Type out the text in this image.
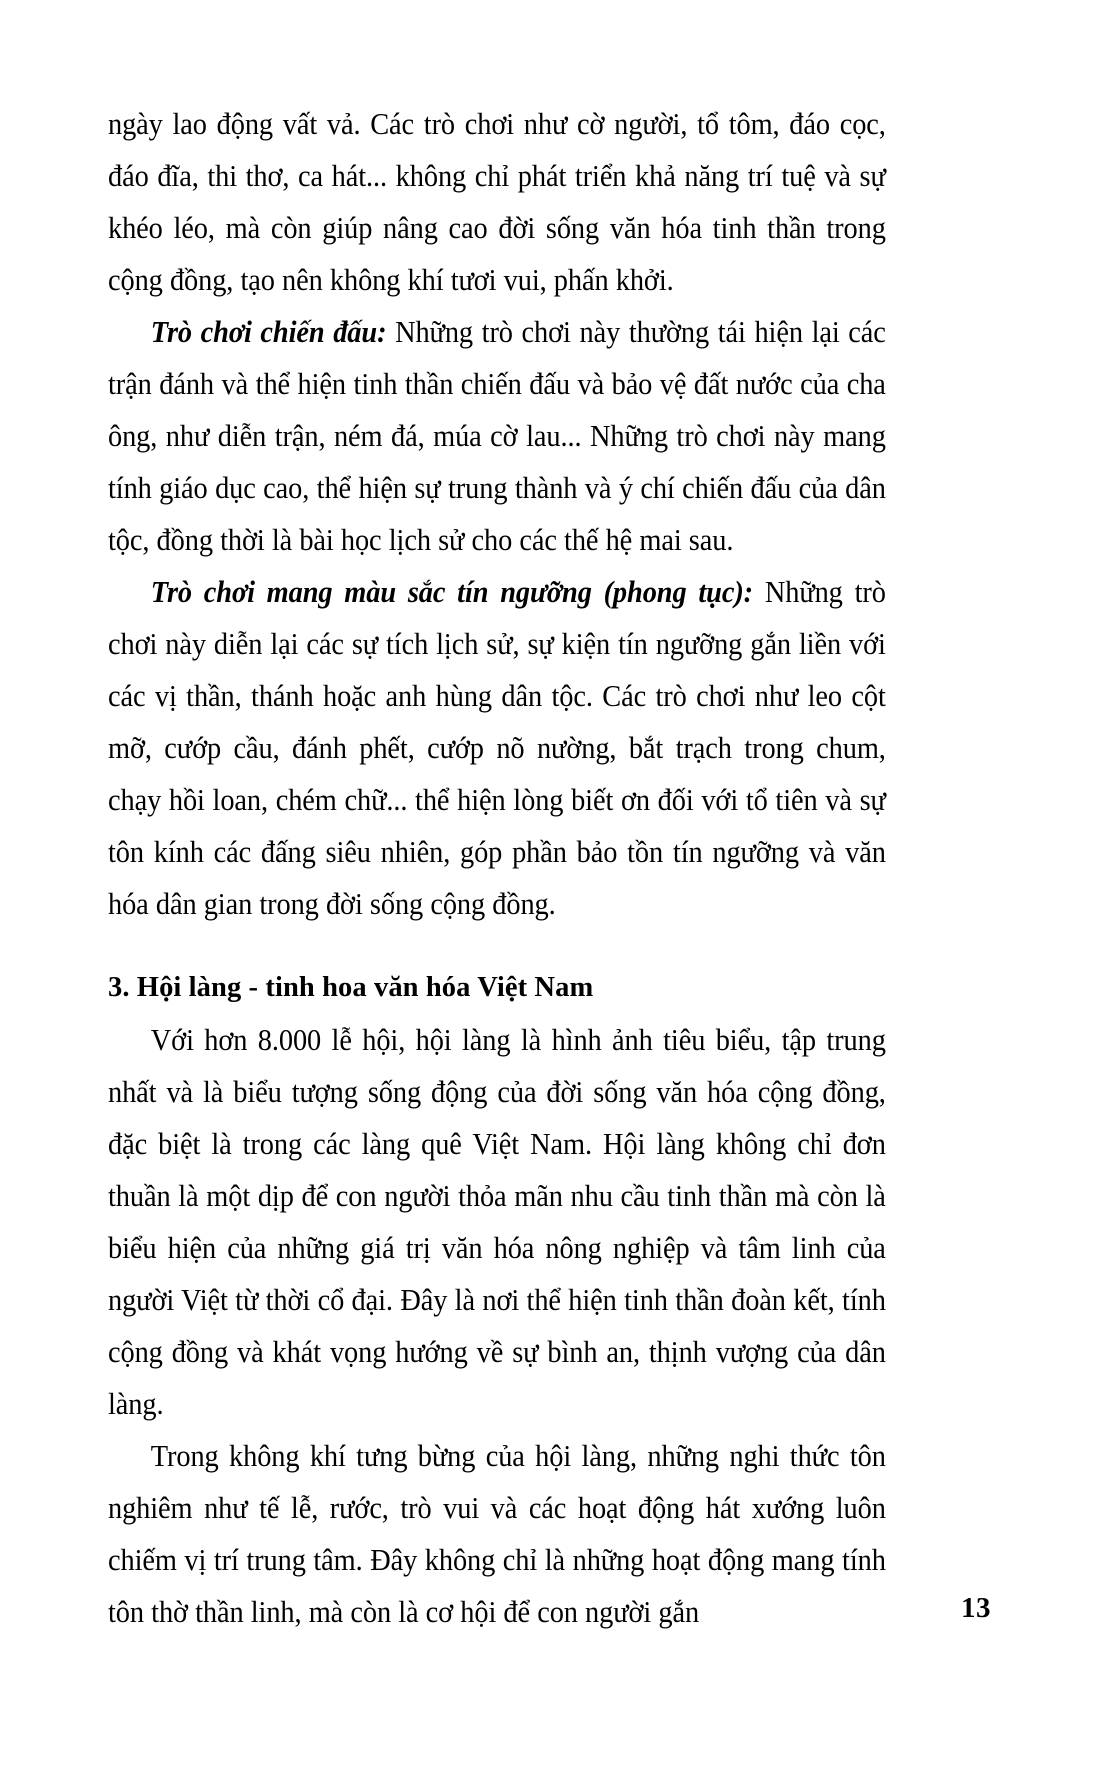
ngày lao động vất vả. Các trò chơi như cờ người, tổ tôm, đáo cọc, đáo đĩa, thi thơ, ca hát... không chỉ phát triển khả năng trí tuệ và sự khéo léo, mà còn giúp nâng cao đời sống văn hóa tinh thần trong cộng đồng, tạo nên không khí tươi vui, phấn khởi.

Trò chơi chiến đấu: Những trò chơi này thường tái hiện lại các trận đánh và thể hiện tinh thần chiến đấu và bảo vệ đất nước của cha ông, như diễn trận, ném đá, múa cờ lau... Những trò chơi này mang tính giáo dục cao, thể hiện sự trung thành và ý chí chiến đấu của dân tộc, đồng thời là bài học lịch sử cho các thế hệ mai sau.

Trò chơi mang màu sắc tín ngưỡng (phong tục): Những trò chơi này diễn lại các sự tích lịch sử, sự kiện tín ngưỡng gắn liền với các vị thần, thánh hoặc anh hùng dân tộc. Các trò chơi như leo cột mỡ, cướp cầu, đánh phết, cướp nõ nường, bắt trạch trong chum, chạy hồi loan, chém chữ... thể hiện lòng biết ơn đối với tổ tiên và sự tôn kính các đấng siêu nhiên, góp phần bảo tồn tín ngưỡng và văn hóa dân gian trong đời sống cộng đồng.

3. Hội làng - tinh hoa văn hóa Việt Nam

Với hơn 8.000 lễ hội, hội làng là hình ảnh tiêu biểu, tập trung nhất và là biểu tượng sống động của đời sống văn hóa cộng đồng, đặc biệt là trong các làng quê Việt Nam. Hội làng không chỉ đơn thuần là một dịp để con người thỏa mãn nhu cầu tinh thần mà còn là biểu hiện của những giá trị văn hóa nông nghiệp và tâm linh của người Việt từ thời cổ đại. Đây là nơi thể hiện tinh thần đoàn kết, tính cộng đồng và khát vọng hướng về sự bình an, thịnh vượng của dân làng.

Trong không khí tưng bừng của hội làng, những nghi thức tôn nghiêm như tế lễ, rước, trò vui và các hoạt động hát xướng luôn chiếm vị trí trung tâm. Đây không chỉ là những hoạt động mang tính tôn thờ thần linh, mà còn là cơ hội để con người gắn	13
